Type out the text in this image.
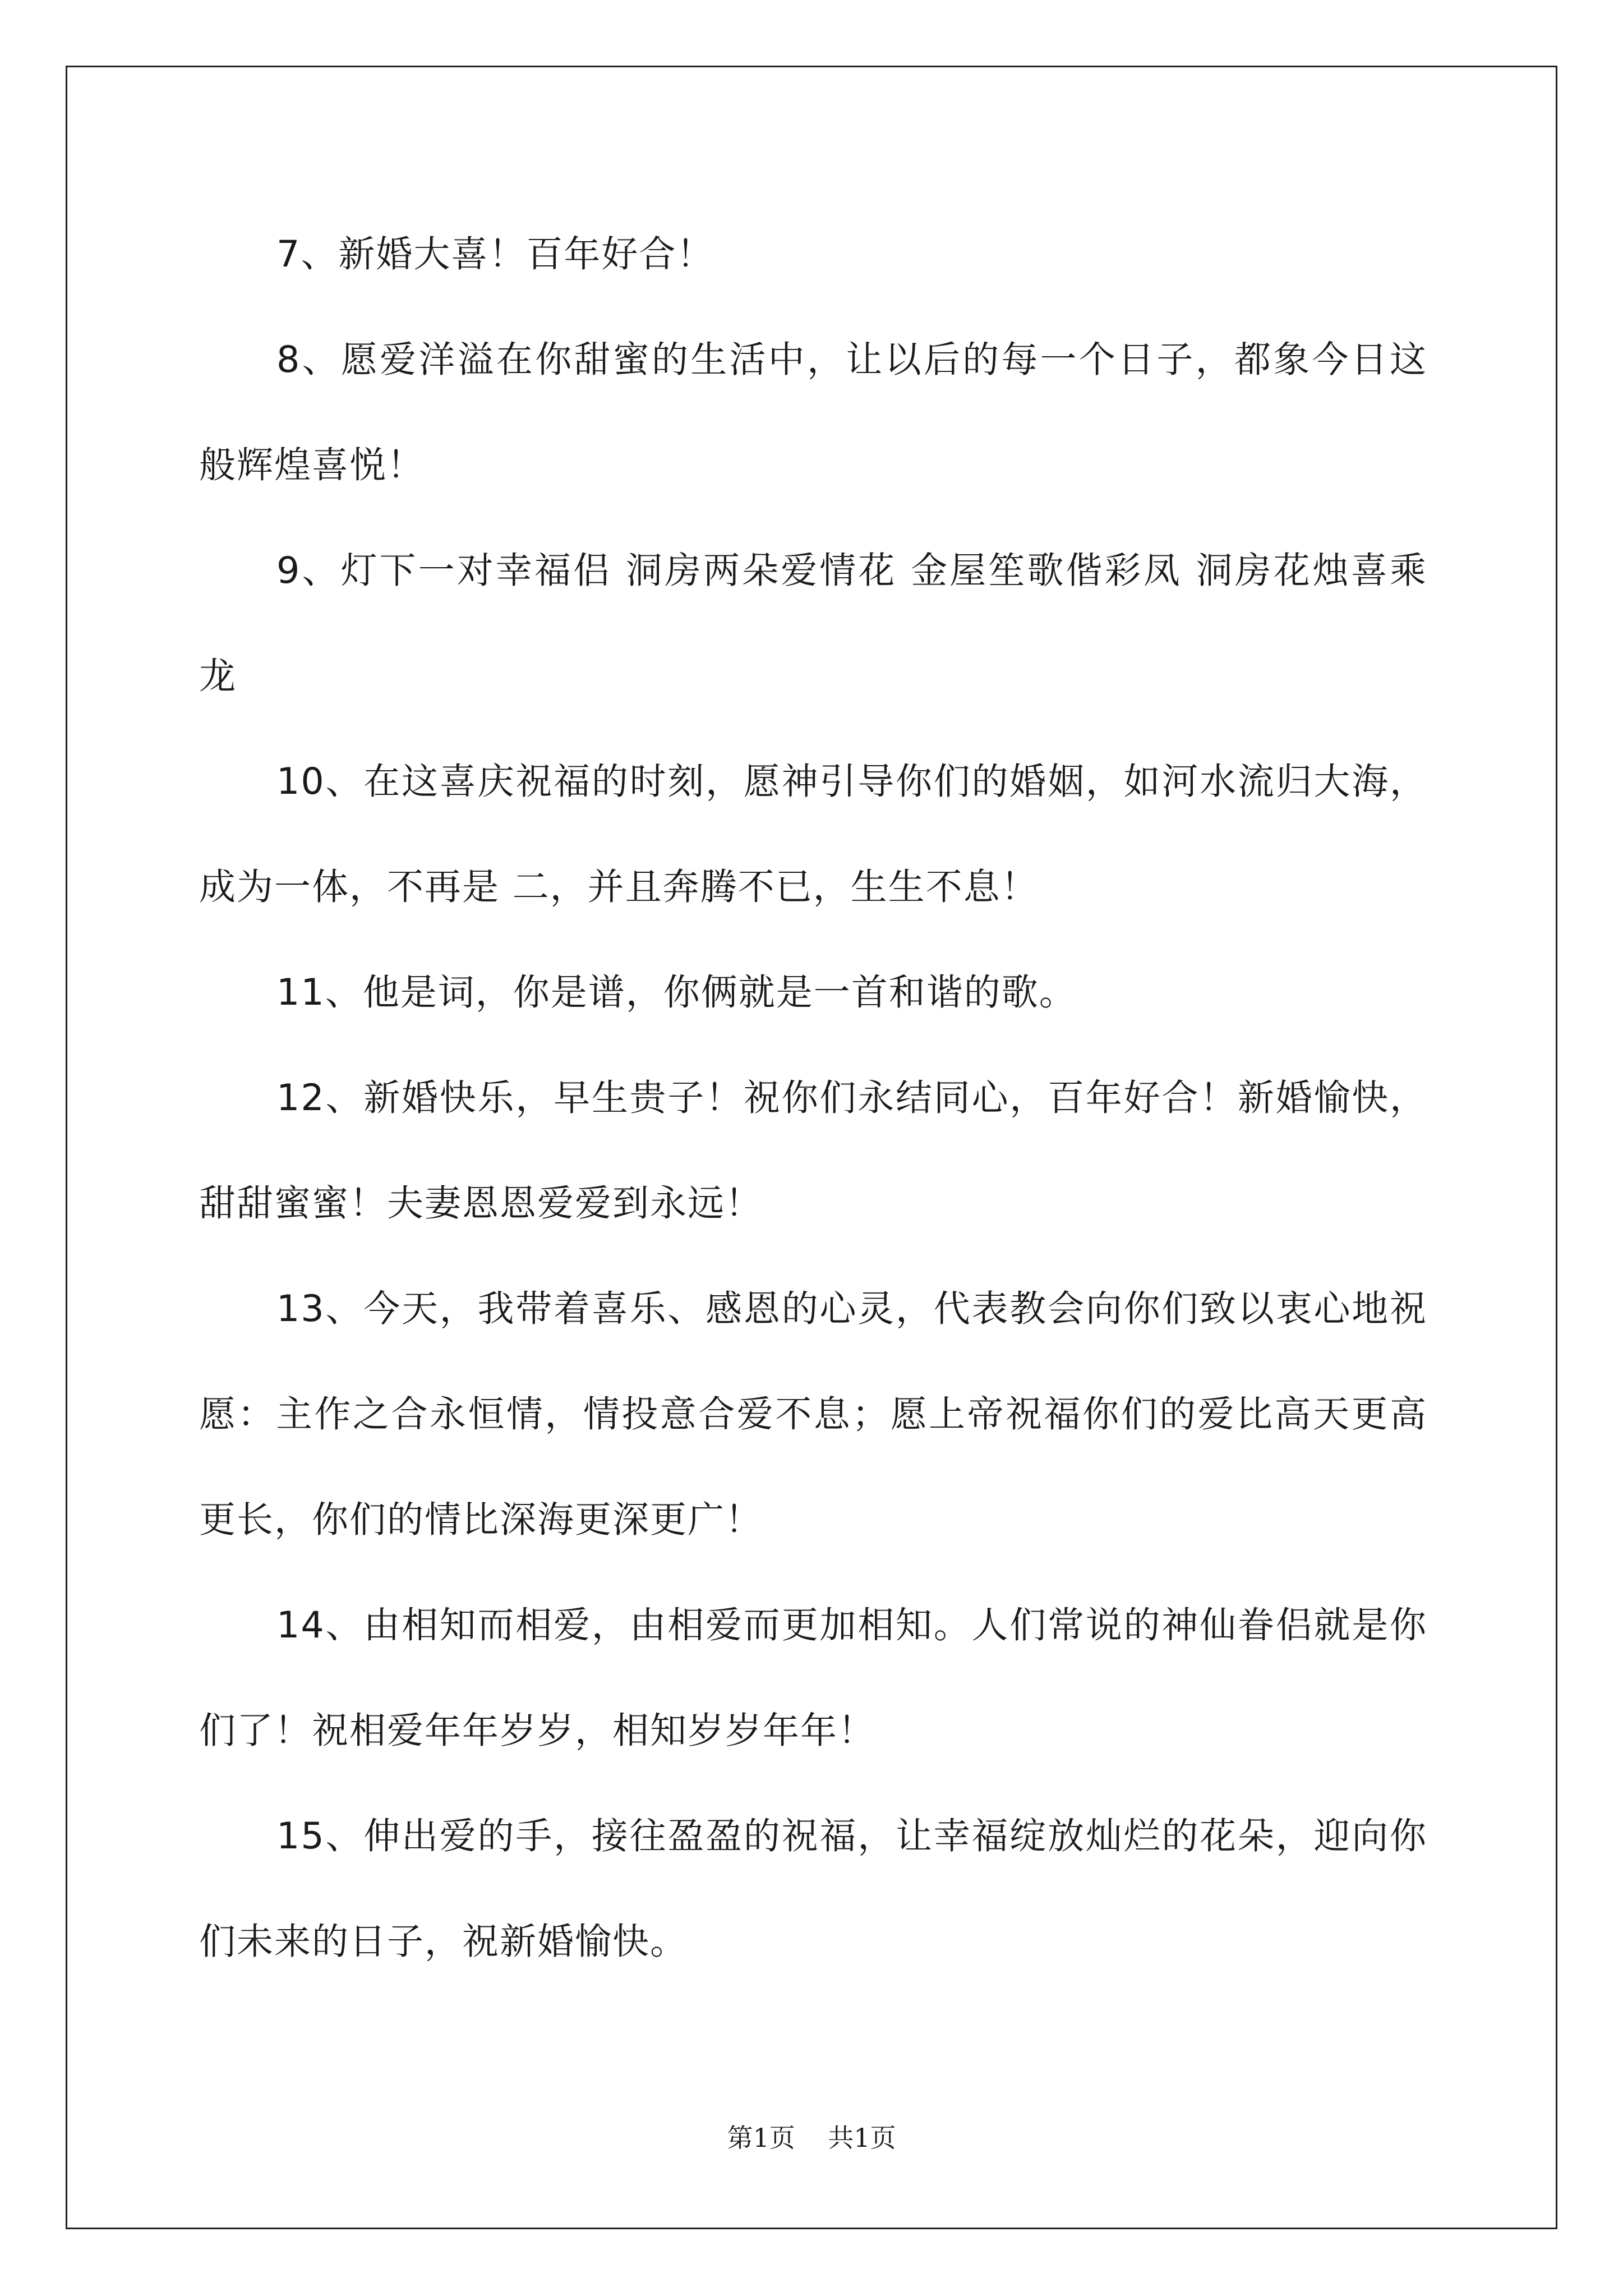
7、新婚大喜！百年好合！

8、愿爱洋溢在你甜蜜的生活中，让以后的每一个日子，都象今日这般辉煌喜悦！

9、灯下一对幸福侣 洞房两朵爱情花 金屋笙歌偕彩凤 洞房花烛喜乘龙

10、在这喜庆祝福的时刻，愿神引导你们的婚姻，如河水流归大海，成为一体，不再是 二，并且奔腾不已，生生不息！

11、他是词，你是谱，你俩就是一首和谐的歌。

12、新婚快乐，早生贵子！祝你们永结同心，百年好合！新婚愉快，甜甜蜜蜜！夫妻恩恩爱爱到永远！

13、今天，我带着喜乐、感恩的心灵，代表教会向你们致以衷心地祝愿：主作之合永恒情，情投意合爱不息；愿上帝祝福你们的爱比高天更高更长，你们的情比深海更深更广！

14、由相知而相爱，由相爱而更加相知。人们常说的神仙眷侣就是你们了！祝相爱年年岁岁，相知岁岁年年！

15、伸出爱的手，接往盈盈的祝福，让幸福绽放灿烂的花朵，迎向你们未来的日子，祝新婚愉快。

第1页 共1页
